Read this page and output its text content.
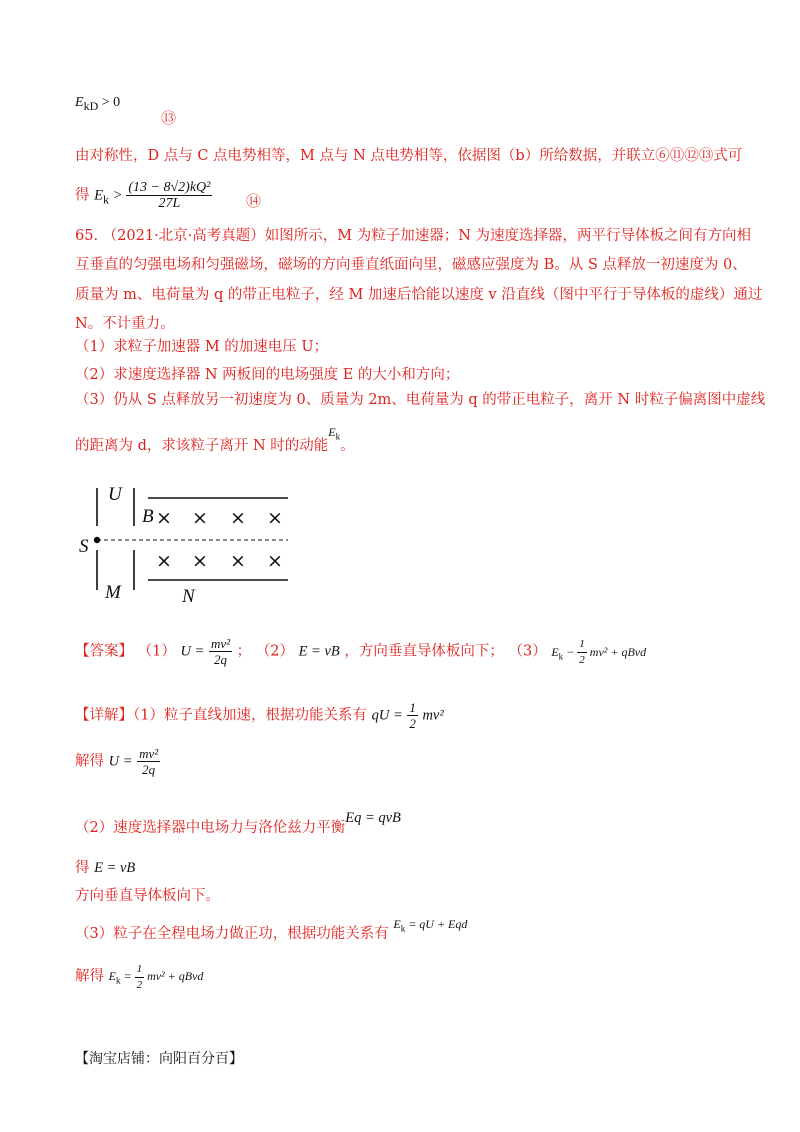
$E_{kD} > 0$
⑬
由对称性，D 点与 C 点电势相等，M 点与 N 点电势相等，依据图（b）所给数据，并联立⑥⑪⑫⑬式可
得 $E_k > \frac{\text{(13 − 8√2)kQ²}}{27L}$ ⑭
65. （2021·北京·高考真题）如图所示，M 为粒子加速器；N 为速度选择器，两平行导体板之间有方向相
互垂直的匀强电场和匀强磁场，磁场的方向垂直纸面向里，磁感应强度为 B。从 S 点释放一初速度为 0、
质量为 m、电荷量为 q 的带正电粒子，经 M 加速后恰能以速度 v 沿直线（图中平行于导体板的虚线）通过
N。不计重力。
（1）求粒子加速器 M 的加速电压 U；
（2）求速度选择器 N 两板间的电场强度 E 的大小和方向；
（3）仍从 S 点释放另一初速度为 0、质量为 2m、电荷量为 q 的带正电粒子，离开 N 时粒子偏离图中虚线
的距离为 d，求该粒子离开 N 时的动能$^{E_k}$。
U
B
S
M	N
× × × ×
× × × ×
【答案】 （1） $U = \frac{\text{mv²}}{2q}$ ； （2） E = vB ，方向垂直导体板向下； （3） $E_k - \frac{1}{2} mv^2$ + qBvd
【详解】（1）粒子直线加速，根据功能关系有 qU = $\frac{1}{2} mv^2$
解得 $U = \frac{\text{mv²}}{2q}$
（2）速度选择器中电场力与洛伦兹力平衡Eq = qvB
得 E = vB
方向垂直导体板向下。
（3）粒子在全程电场力做正功，根据功能关系有 $^{E_k = qU + Eqd}$
解得 $E_k = \frac{1}{2} mv^2$ + qBvd
【淘宝店铺：向阳百分百】
